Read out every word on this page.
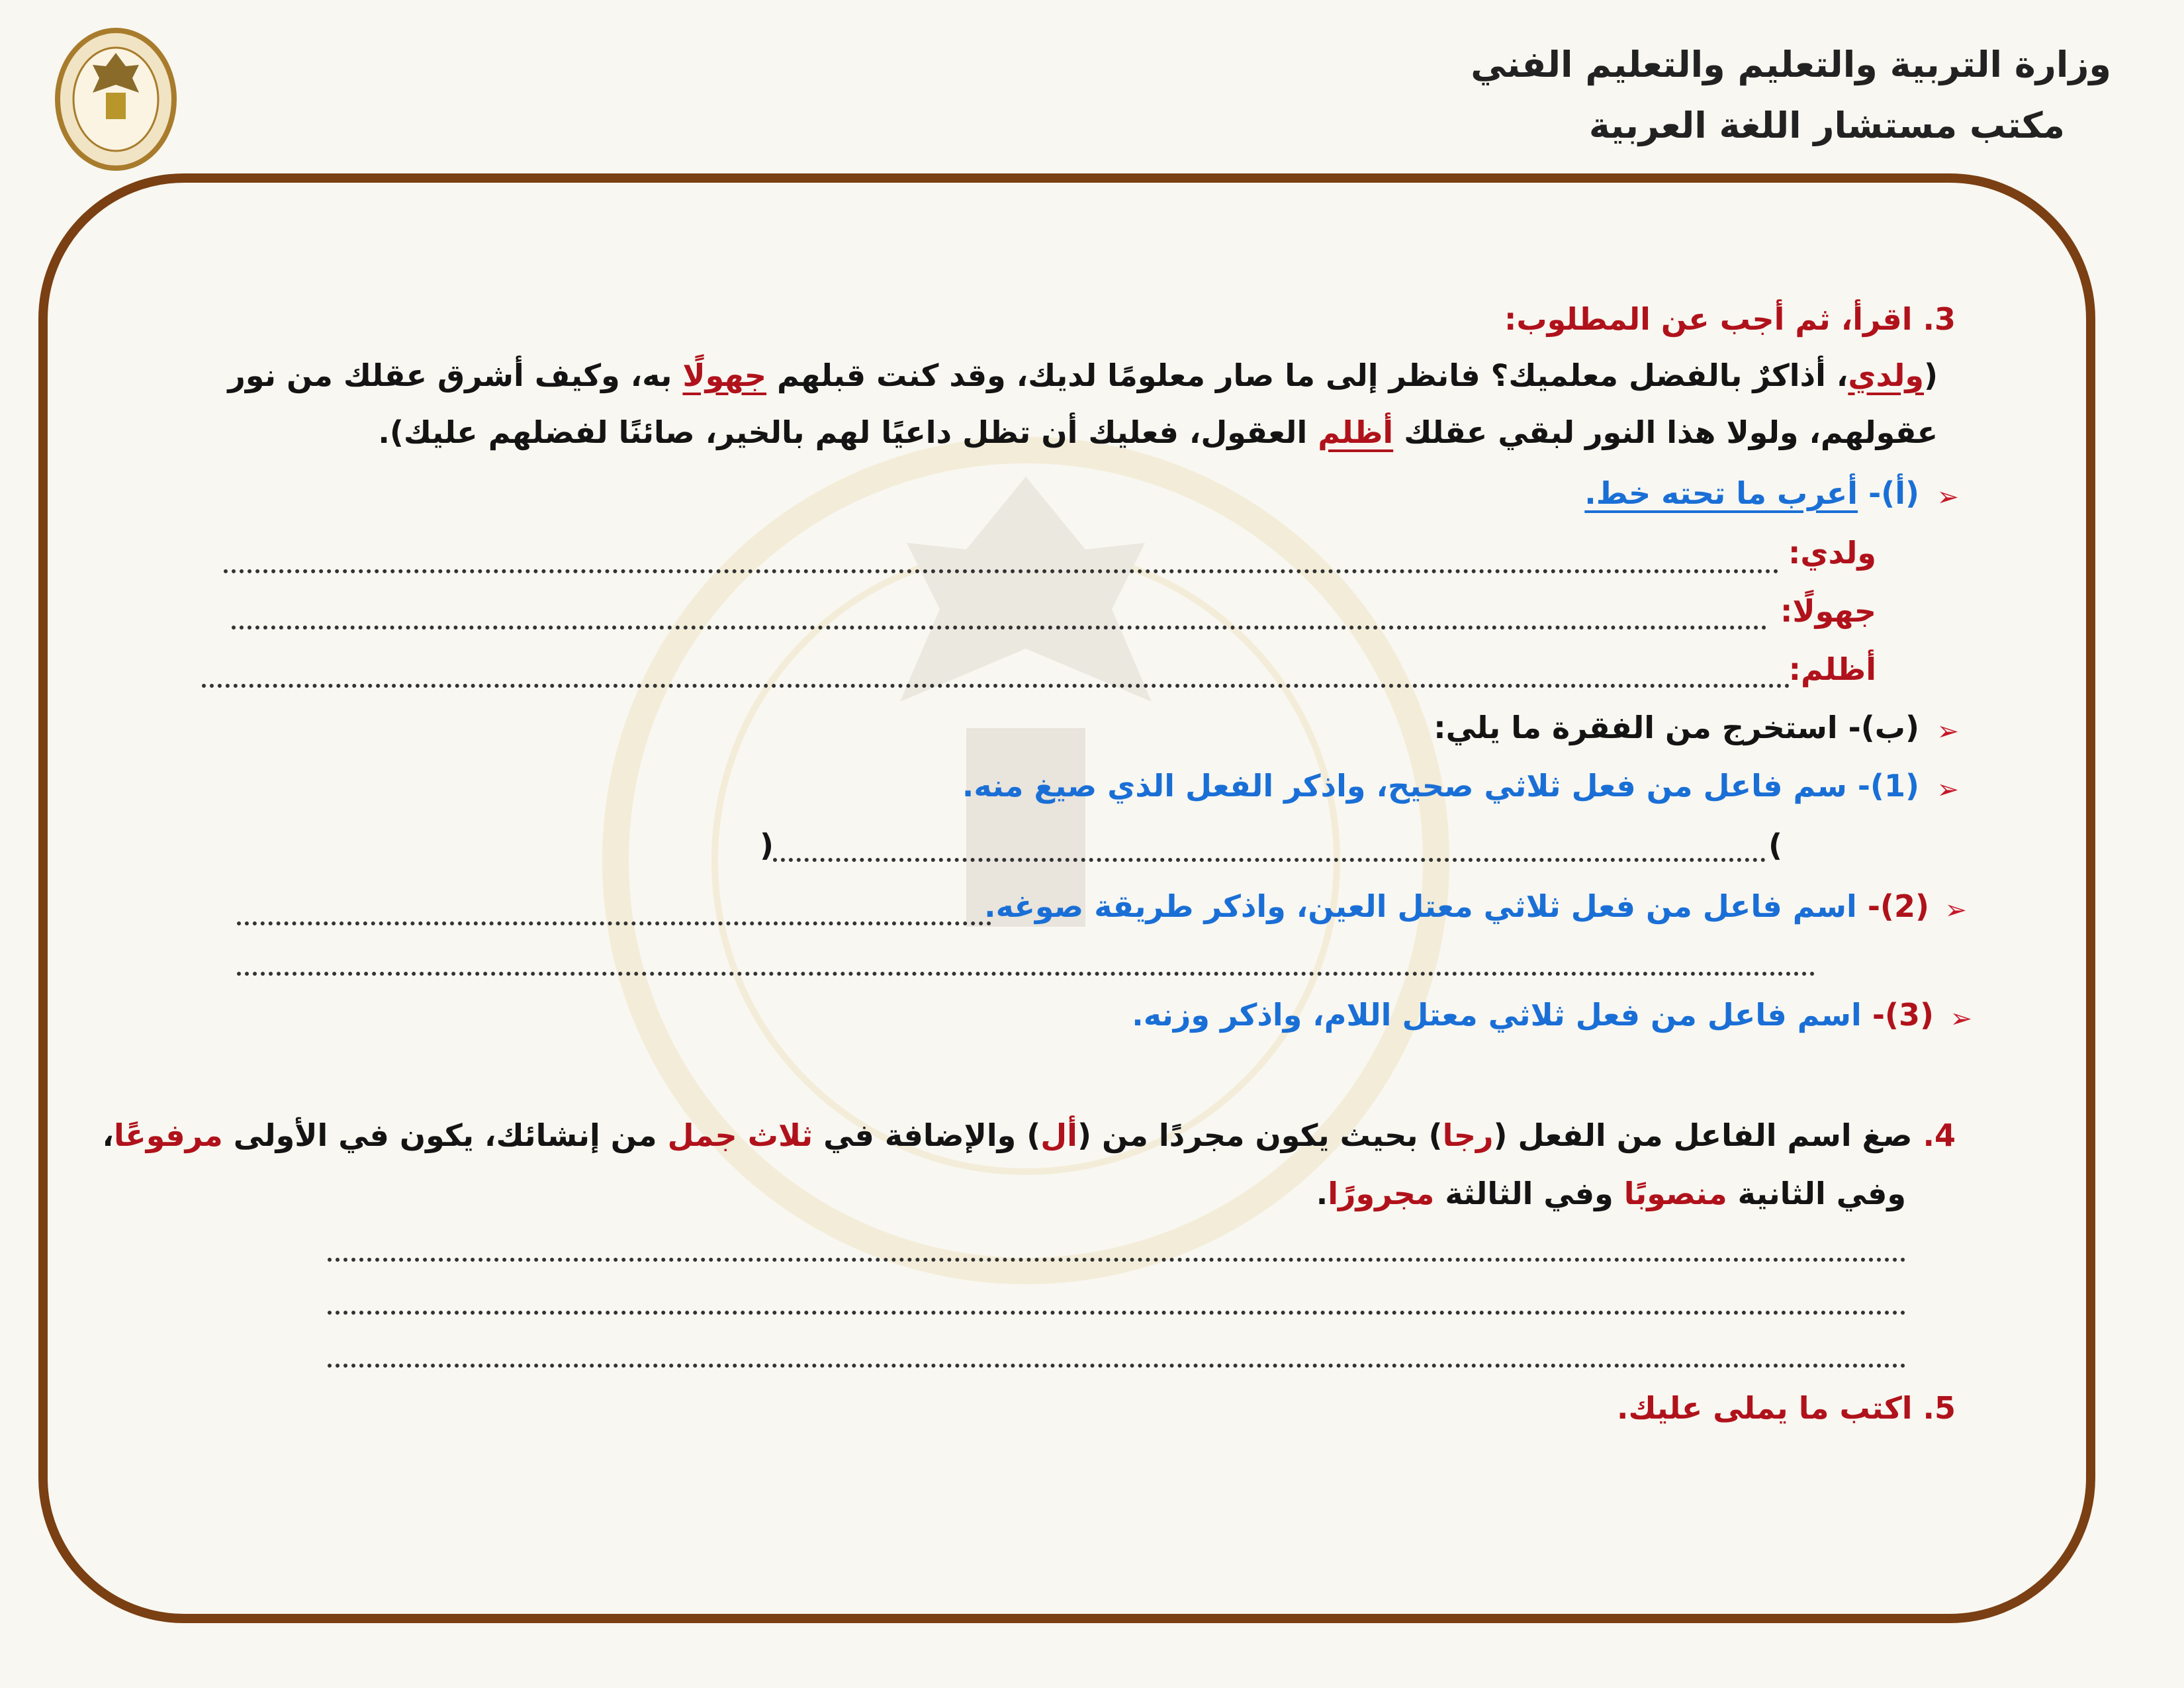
وزارة التربية والتعليم والتعليم الفني
مكتب مستشار اللغة العربية
3. اقرأ، ثم أجب عن المطلوب:
(ولدي، أذاكرٌ بالفضل معلميك؟ فانظر إلى ما صار معلومًا لديك، وقد كنت قبلهم جهولًا به، وكيف أشرق عقلك من نور
عقولهم، ولولا هذا النور لبقي عقلك أظلم العقول، فعليك أن تظل داعيًا لهم بالخير، صائنًا لفضلهم عليك).
➢
(أ)- أعرب ما تحته خط.
ولدي:
جهولًا:
أظلم:
➢
(ب)- استخرج من الفقرة ما يلي:
➢
(1)- سم فاعل من فعل ثلاثي صحيح، واذكر الفعل الذي صيغ منه.
(
)
➢
(2)- اسم فاعل من فعل ثلاثي معتل العين، واذكر طريقة صوغه.
➢
(3)- اسم فاعل من فعل ثلاثي معتل اللام، واذكر وزنه.
4. صغ اسم الفاعل من الفعل (رجا) بحيث يكون مجردًا من (أل) والإضافة في ثلاث جمل من إنشائك، يكون في الأولى مرفوعًا،
وفي الثانية منصوبًا وفي الثالثة مجرورًا.
5. اكتب ما يملى عليك.
